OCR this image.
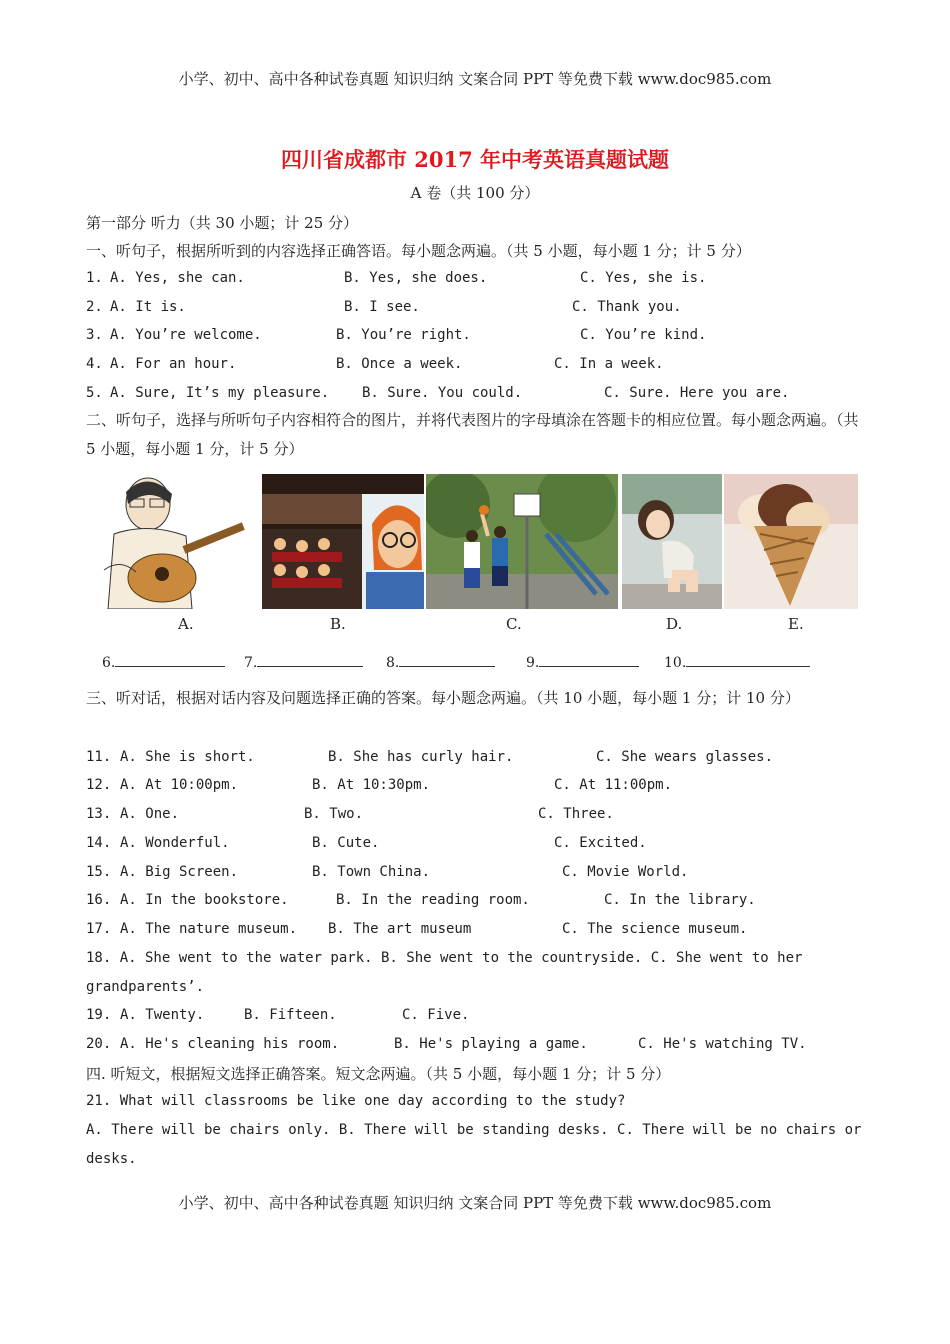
小学、初中、高中各种试卷真题 知识归纳 文案合同 PPT 等免费下载 www.doc985.com
四川省成都市 2017 年中考英语真题试题
A 卷（共 100 分）
第一部分 听力（共 30 小题；计 25 分）
一、听句子，根据所听到的内容选择正确答语。每小题念两遍。（共 5 小题，每小题 1 分；计 5 分）
1. A. Yes, she can.	B. Yes, she does.	C. Yes, she is.
2. A. It is.	B. I see.	C. Thank you.
3. A. You’re welcome.	B. You’re right.	C. You’re kind.
4. A. For an hour.	B. Once a week.	C. In a week.
5. A. Sure, It’s my pleasure. B. Sure. You could.	C. Sure. Here you are.
二、听句子，选择与所听句子内容相符合的图片，并将代表图片的字母填涂在答题卡的相应位置。每小题念两遍。（共 5 小题，每小题 1 分，计 5 分）
A.	B.	C.	D.	E.
6.	7.	8.	9.	10.
三、听对话，根据对话内容及问题选择正确的答案。每小题念两遍。（共 10 小题，每小题 1 分；计 10 分）
11. A. She is short.	B. She has curly hair.	C. She wears glasses.
12. A. At 10:00pm.	B. At 10:30pm.	C. At 11:00pm.
13. A. One.	B. Two.	C. Three.
14. A. Wonderful.	B. Cute.	C. Excited.
15. A. Big Screen.	B. Town China.	C. Movie World.
16. A. In the bookstore.	B. In the reading room.	C. In the library.
17. A. The nature museum. B. The art museum	C. The science museum.
18. A. She went to the water park. B. She went to the countryside. C. She went to her grandparents’.
19. A. Twenty.	B. Fifteen.	C. Five.
20. A. He's cleaning his room.	B. He's playing a game.	C. He's watching TV.
四. 听短文，根据短文选择正确答案。短文念两遍。（共 5 小题，每小题 1 分；计 5 分）
21. What will classrooms be like one day according to the study?
A. There will be chairs only. B. There will be standing desks. C. There will be no chairs or desks.
小学、初中、高中各种试卷真题 知识归纳 文案合同 PPT 等免费下载 www.doc985.com
